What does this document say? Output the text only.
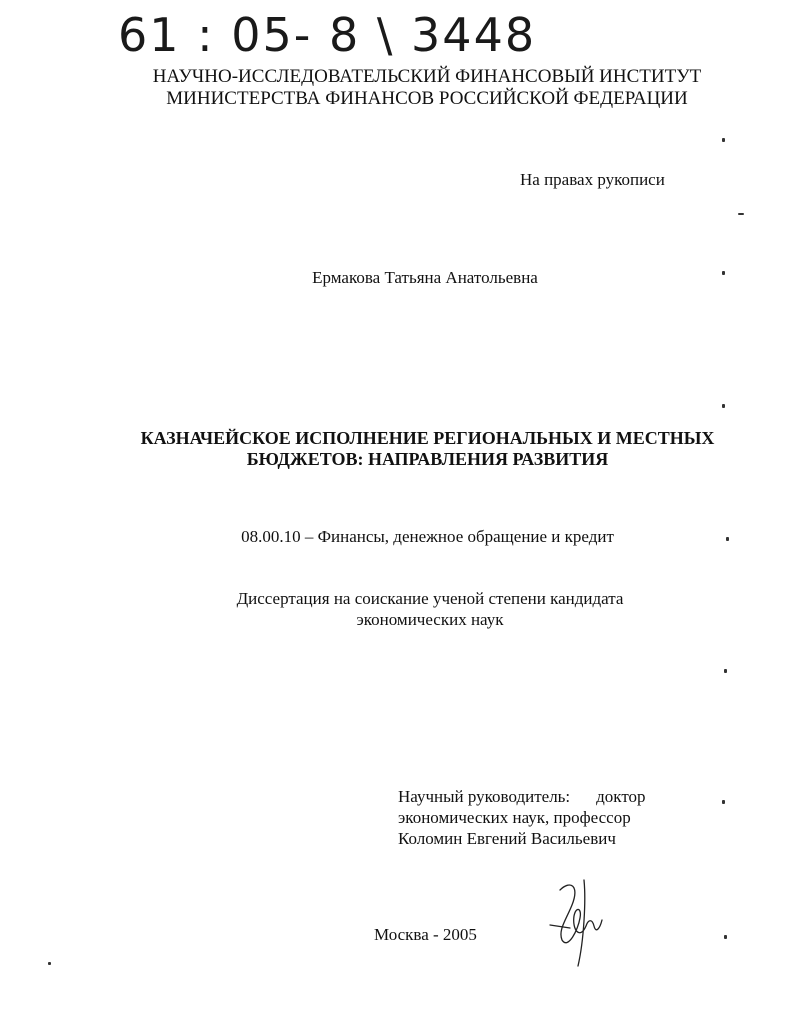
61 : 05- 8 \ 3448
НАУЧНО-ИССЛЕДОВАТЕЛЬСКИЙ ФИНАНСОВЫЙ ИНСТИТУТ
МИНИСТЕРСТВА ФИНАНСОВ РОССИЙСКОЙ ФЕДЕРАЦИИ
На правах рукописи
Ермакова Татьяна Анатольевна
КАЗНАЧЕЙСКОЕ ИСПОЛНЕНИЕ РЕГИОНАЛЬНЫХ И МЕСТНЫХ
БЮДЖЕТОВ: НАПРАВЛЕНИЯ РАЗВИТИЯ
08.00.10 – Финансы, денежное обращение и кредит
Диссертация на соискание ученой степени кандидата
экономических наук
Научный руководитель: доктор
экономических наук, профессор
Коломин Евгений Васильевич
Москва - 2005
